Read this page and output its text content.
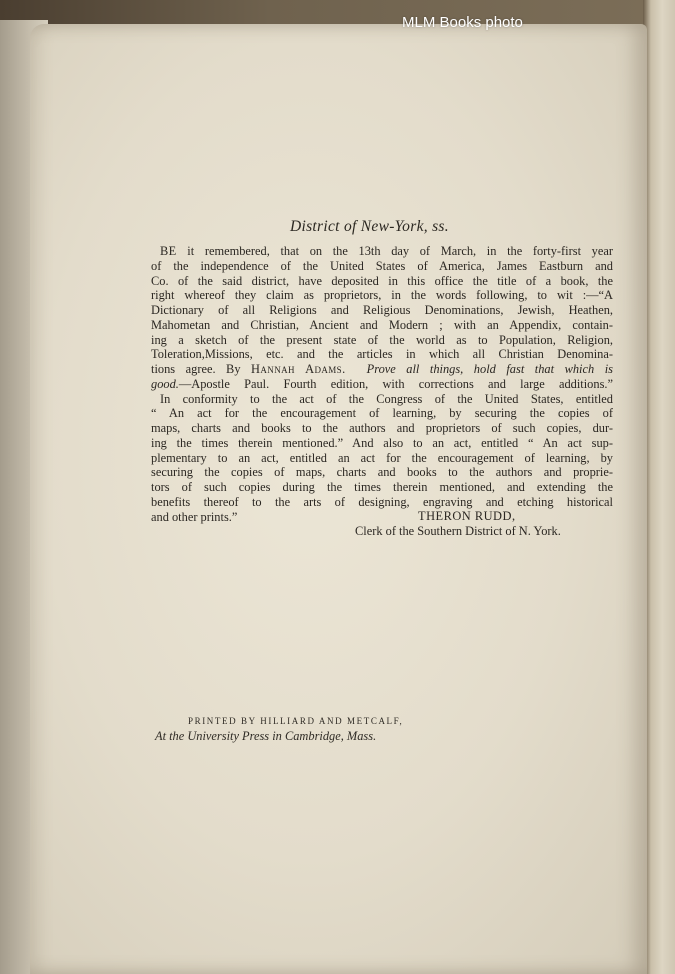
MLM Books photo
District of New-York, ss.
BE it remembered, that on the 13th day of March, in the forty-first year
of the independence of the United States of America, James Eastburn and
Co. of the said district, have deposited in this office the title of a book, the
right whereof they claim as proprietors, in the words following, to wit :—“A
Dictionary of all Religions and Religious Denominations, Jewish, Heathen,
Mahometan and Christian, Ancient and Modern ; with an Appendix, contain-
ing a sketch of the present state of the world as to Population, Religion,
Toleration,Missions, etc. and the articles in which all Christian Denomina-
tions agree. By Hannah Adams. Prove all things, hold fast that which is
good.—Apostle Paul. Fourth edition, with corrections and large additions.”
In conformity to the act of the Congress of the United States, entitled
“ An act for the encouragement of learning, by securing the copies of
maps, charts and books to the authors and proprietors of such copies, dur-
ing the times therein mentioned.” And also to an act, entitled “ An act sup-
plementary to an act, entitled an act for the encouragement of learning, by
securing the copies of maps, charts and books to the authors and proprie-
tors of such copies during the times therein mentioned, and extending the
benefits thereof to the arts of designing, engraving and etching historical
and other prints.”	THERON RUDD,
Clerk of the Southern District of N. York.
PRINTED BY HILLIARD AND METCALF,
At the University Press in Cambridge, Mass.
